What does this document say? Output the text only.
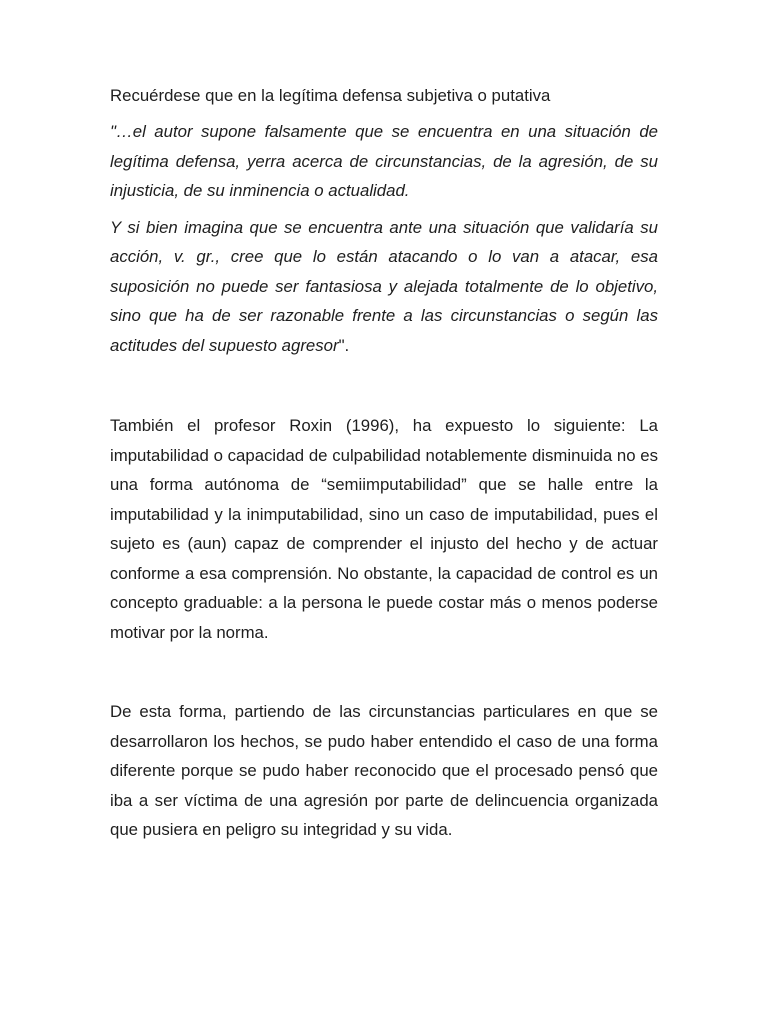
Recuérdese que en la legítima defensa subjetiva o putativa

"…el autor supone falsamente que se encuentra en una situación de legítima defensa, yerra acerca de circunstancias, de la agresión, de su injusticia, de su inminencia o actualidad.

Y si bien imagina que se encuentra ante una situación que validaría su acción, v. gr., cree que lo están atacando o lo van a atacar, esa suposición no puede ser fantasiosa y alejada totalmente de lo objetivo, sino que ha de ser razonable frente a las circunstancias o según las actitudes del supuesto agresor".

También el profesor Roxin (1996), ha expuesto lo siguiente: La imputabilidad o capacidad de culpabilidad notablemente disminuida no es una forma autónoma de “semiimputabilidad” que se halle entre la imputabilidad y la inimputabilidad, sino un caso de imputabilidad, pues el sujeto es (aun) capaz de comprender el injusto del hecho y de actuar conforme a esa comprensión. No obstante, la capacidad de control es un concepto graduable: a la persona le puede costar más o menos poderse motivar por la norma.

De esta forma, partiendo de las circunstancias particulares en que se desarrollaron los hechos, se pudo haber entendido el caso de una forma diferente porque se pudo haber reconocido que el procesado pensó que iba a ser víctima de una agresión por parte de delincuencia organizada que pusiera en peligro su integridad y su vida.
